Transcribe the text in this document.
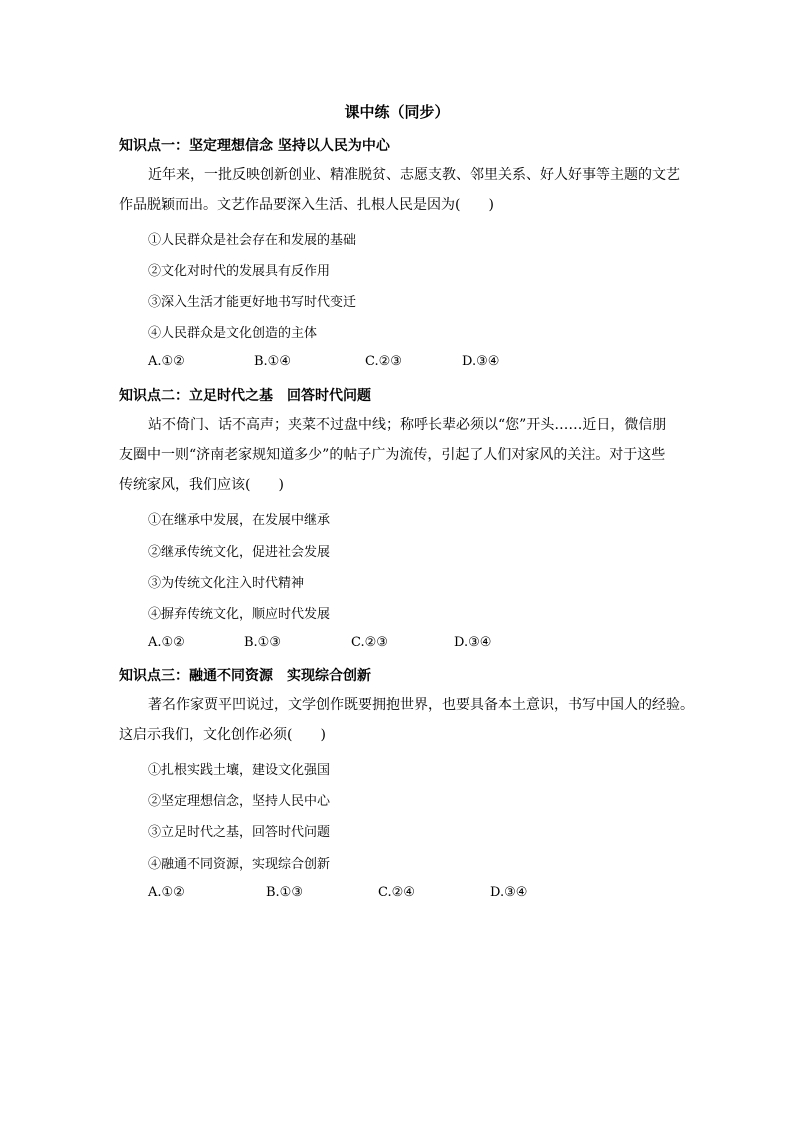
课中练（同步）
知识点一：坚定理想信念 坚持以人民为中心

近年来，一批反映创新创业、精准脱贫、志愿支教、邻里关系、好人好事等主题的文艺

作品脱颖而出。文艺作品要深入生活、扎根人民是因为(　　)

①人民群众是社会存在和发展的基础
②文化对时代的发展具有反作用
③深入生活才能更好地书写时代变迁
④人民群众是文化创造的主体
A.①②	B.①④	C.②③	D.③④
知识点二：立足时代之基　回答时代问题

站不倚门、话不高声；夹菜不过盘中线；称呼长辈必须以“您”开头……近日，微信朋

友圈中一则“济南老家规知道多少”的帖子广为流传，引起了人们对家风的关注。对于这些

传统家风，我们应该(　　)

①在继承中发展，在发展中继承
②继承传统文化，促进社会发展
③为传统文化注入时代精神
④摒弃传统文化，顺应时代发展
A.①②	B.①③	C.②③	D.③④
知识点三：融通不同资源　实现综合创新

著名作家贾平凹说过，文学创作既要拥抱世界，也要具备本土意识，书写中国人的经验。

这启示我们，文化创作必须(　　)

①扎根实践土壤，建设文化强国
②坚定理想信念，坚持人民中心
③立足时代之基，回答时代问题
④融通不同资源，实现综合创新
A.①②	B.①③	C.②④	D.③④
